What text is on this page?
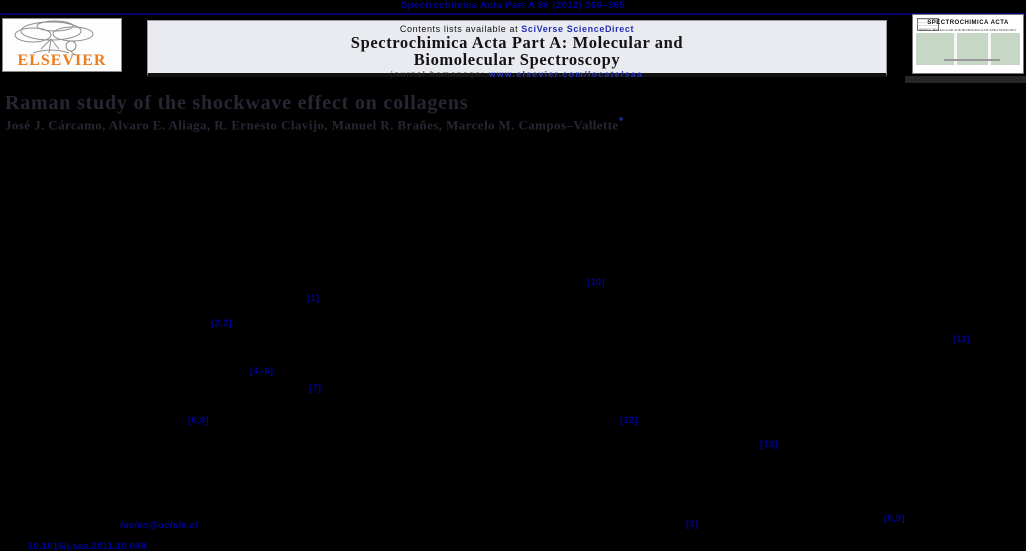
Spectrochimica Acta Part A 86 (2012) 360–365
ELSEVIER
Contents lists available at SciVerse ScienceDirect
Spectrochimica Acta Part A: Molecular and
Biomolecular Spectroscopy
journal homepage: www.elsevier.com/locate/saa
SPECTROCHIMICA ACTA
PART A: MOLECULAR AND BIOMOLECULAR SPECTROSCOPY
Raman study of the shockwave effect on collagens
José J. Cárcamo, Alvaro E. Aliaga, R. Ernesto Clavijo, Manuel R. Brañes, Marcelo M. Campos–Vallette*
[10]
[1]
[2,3]
[11]
[4–6]
[7]
[8,9]	[12]
[13]
[3]
[8,9]
facien@uchile.cl
10.1016/j.saa.2011.10.048
